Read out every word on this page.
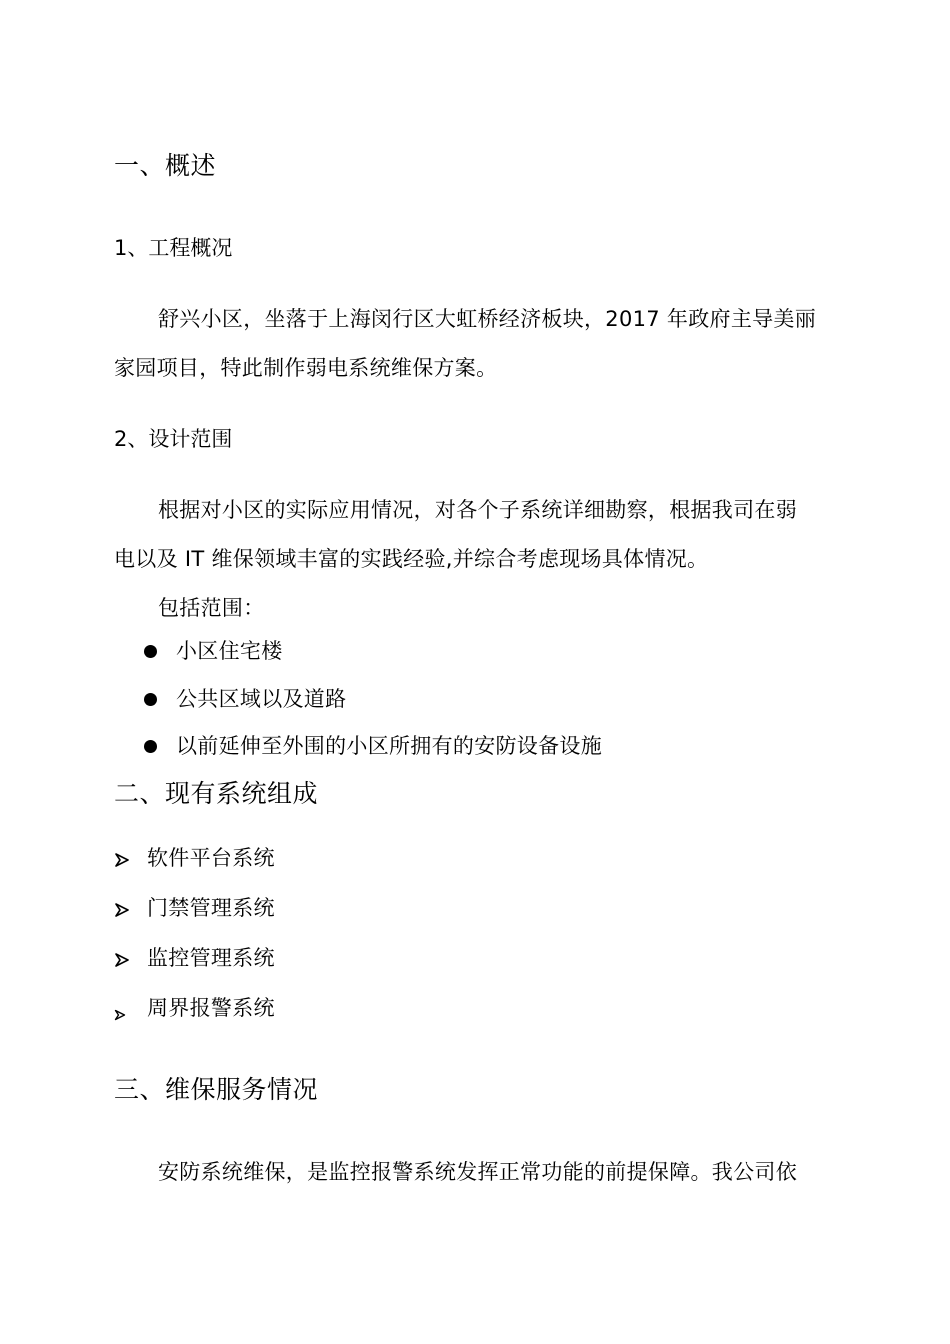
一、概述
1、工程概况
舒兴小区，坐落于上海闵行区大虹桥经济板块，2017 年政府主导美丽
家园项目，特此制作弱电系统维保方案。
2、设计范围
根据对小区的实际应用情况，对各个子系统详细勘察，根据我司在弱
电以及 IT 维保领域丰富的实践经验,并综合考虑现场具体情况。
包括范围：
小区住宅楼
公共区域以及道路
以前延伸至外围的小区所拥有的安防设备设施
二、现有系统组成
软件平台系统
门禁管理系统
监控管理系统
周界报警系统
三、维保服务情况
安防系统维保，是监控报警系统发挥正常功能的前提保障。我公司依
